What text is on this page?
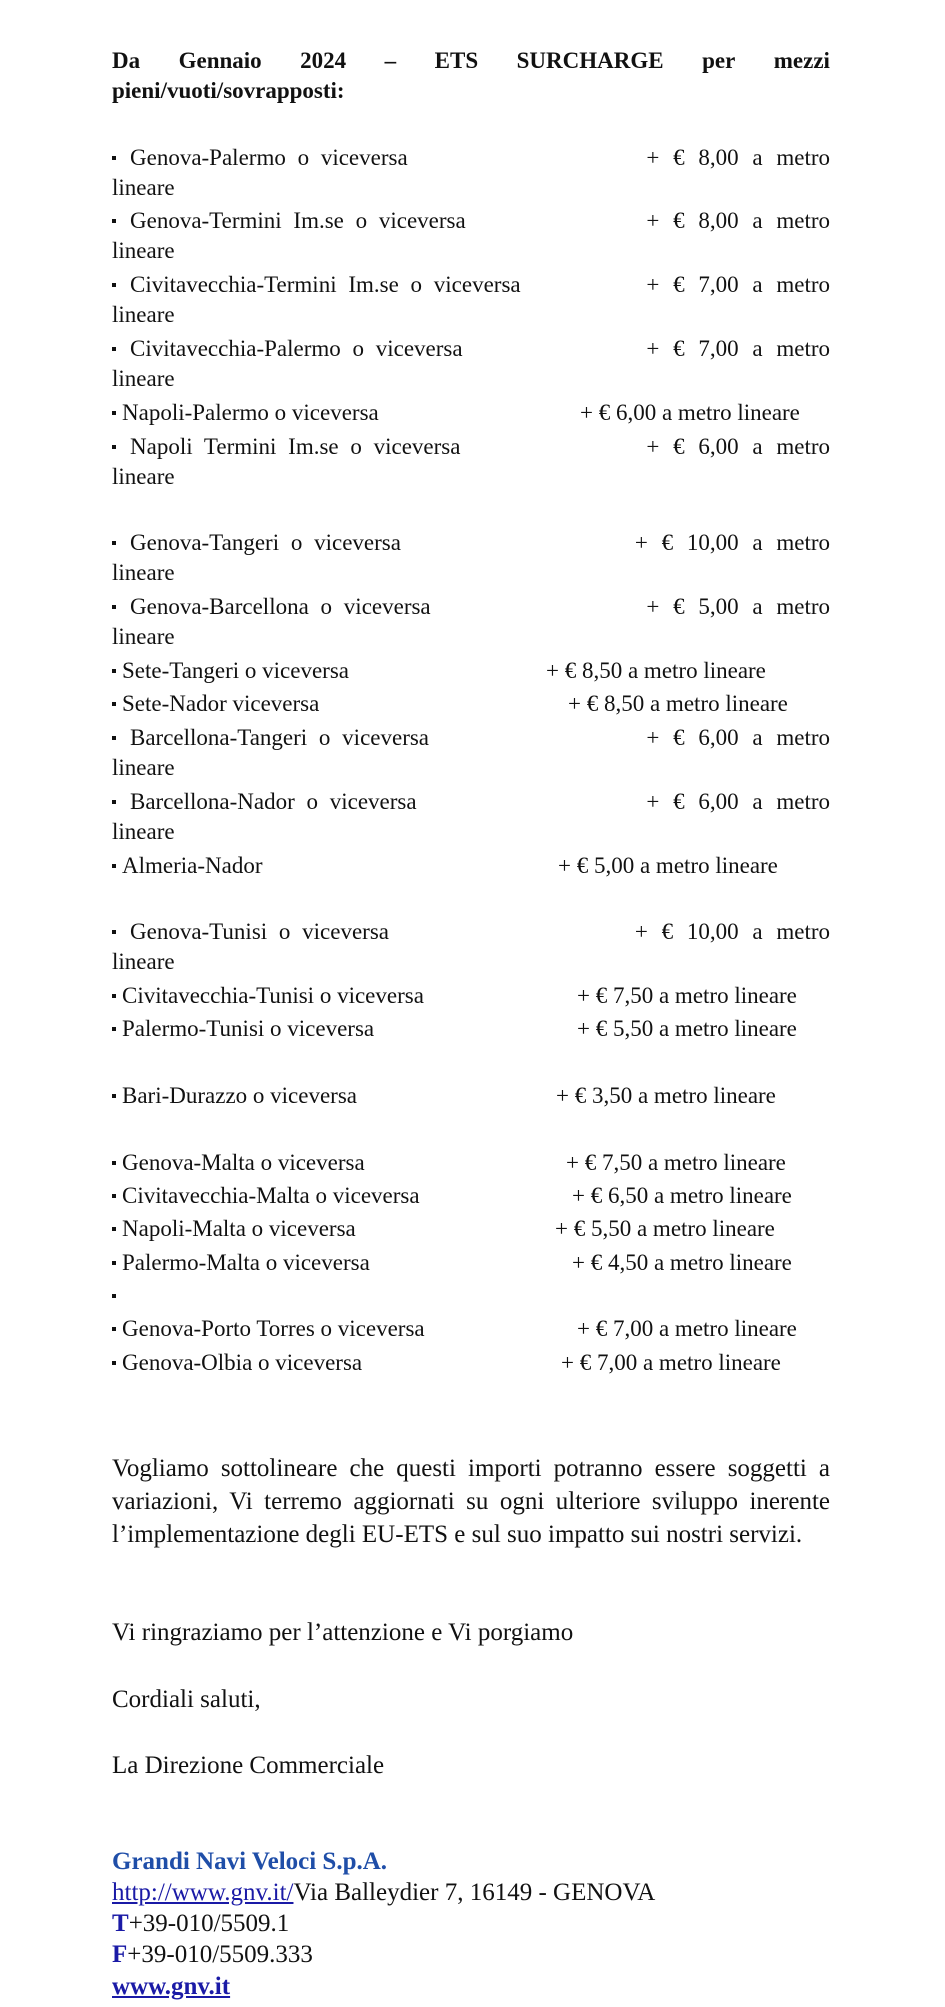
Da Gennaio 2024 – ETS SURCHARGE per mezzi
pieni/vuoti/sovrapposti:
Genova-Palermo o viceversa	+ € 8,00 a metro
lineare
Genova-Termini Im.se o viceversa	+ € 8,00 a metro
lineare
Civitavecchia-Termini Im.se o viceversa	+ € 7,00 a metro
lineare
Civitavecchia-Palermo o viceversa	+ € 7,00 a metro
lineare
Napoli-Palermo o viceversa	+ € 6,00 a metro lineare
Napoli Termini Im.se o viceversa	+ € 6,00 a metro
lineare
Genova-Tangeri o viceversa	+ € 10,00 a metro
lineare
Genova-Barcellona o viceversa	+ € 5,00 a metro
lineare
Sete-Tangeri o viceversa	+ € 8,50 a metro lineare
Sete-Nador viceversa	+ € 8,50 a metro lineare
Barcellona-Tangeri o viceversa	+ € 6,00 a metro
lineare
Barcellona-Nador o viceversa	+ € 6,00 a metro
lineare
Almeria-Nador	+ € 5,00 a metro lineare
Genova-Tunisi o viceversa	+ € 10,00 a metro
lineare
Civitavecchia-Tunisi o viceversa	+ € 7,50 a metro lineare
Palermo-Tunisi o viceversa	+ € 5,50 a metro lineare
Bari-Durazzo o viceversa	+ € 3,50 a metro lineare
Genova-Malta o viceversa	+ € 7,50 a metro lineare
Civitavecchia-Malta o viceversa	+ € 6,50 a metro lineare
Napoli-Malta o viceversa	+ € 5,50 a metro lineare
Palermo-Malta o viceversa	+ € 4,50 a metro lineare
Genova-Porto Torres o viceversa	+ € 7,00 a metro lineare
Genova-Olbia o viceversa	+ € 7,00 a metro lineare

Vogliamo sottolineare che questi importi potranno essere soggetti a variazioni, Vi terremo aggiornati su ogni ulteriore sviluppo inerente l’implementazione degli EU-ETS e sul suo impatto sui nostri servizi.

Vi ringraziamo per l’attenzione e Vi porgiamo

Cordiali saluti,

La Direzione Commerciale

Grandi Navi Veloci S.p.A.
http://www.gnv.it/Via Balleydier 7, 16149 - GENOVA
T+39-010/5509.1
F+39-010/5509.333
www.gnv.it
